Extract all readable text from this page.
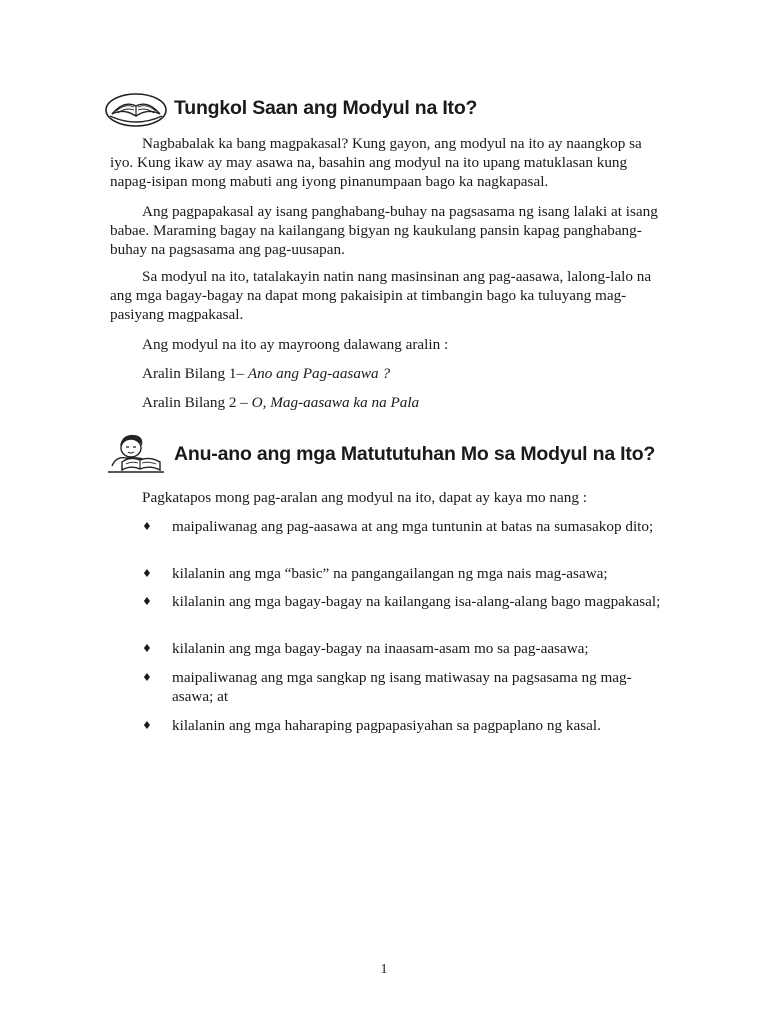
Tungkol Saan ang Modyul na Ito?

Nagbabalak ka bang magpakasal? Kung gayon, ang modyul na ito ay naangkop sa iyo. Kung ikaw ay may asawa na, basahin ang modyul na ito upang matuklasan kung napag-isipan mong mabuti ang iyong pinanumpaan bago ka nagkapasal.

Ang pagpapakasal ay isang panghabang-buhay na pagsasama ng isang lalaki at isang babae. Maraming bagay na kailangang bigyan ng kaukulang pansin kapag panghabang-buhay na pagsasama ang pag-uusapan.

Sa modyul na ito, tatalakayin natin nang masinsinan ang pag-aasawa, lalong-lalo na ang mga bagay-bagay na dapat mong pakaisipin at timbangin bago ka tuluyang mag-pasiyang magpakasal.

Ang modyul na ito ay mayroong dalawang aralin :

Aralin Bilang 1– Ano ang Pag-aasawa ?

Aralin Bilang 2 – O, Mag-aasawa ka na Pala

Anu-ano ang mga Matututuhan Mo sa Modyul na Ito?

Pagkatapos mong pag-aralan ang modyul na ito, dapat ay kaya mo nang :

♦ maipaliwanag ang pag-aasawa at ang mga tuntunin at batas na sumasakop dito;
♦ kilalanin ang mga “basic” na pangangailangan ng mga nais mag-asawa;
♦ kilalanin ang mga bagay-bagay na kailangang isa-alang-alang bago magpakasal;
♦ kilalanin ang mga bagay-bagay na inaasam-asam mo sa pag-aasawa;
♦ maipaliwanag ang mga sangkap ng isang matiwasay na pagsasama ng mag-asawa; at
♦ kilalanin ang mga haharaping pagpapasiyahan sa pagpaplano ng kasal.
1
